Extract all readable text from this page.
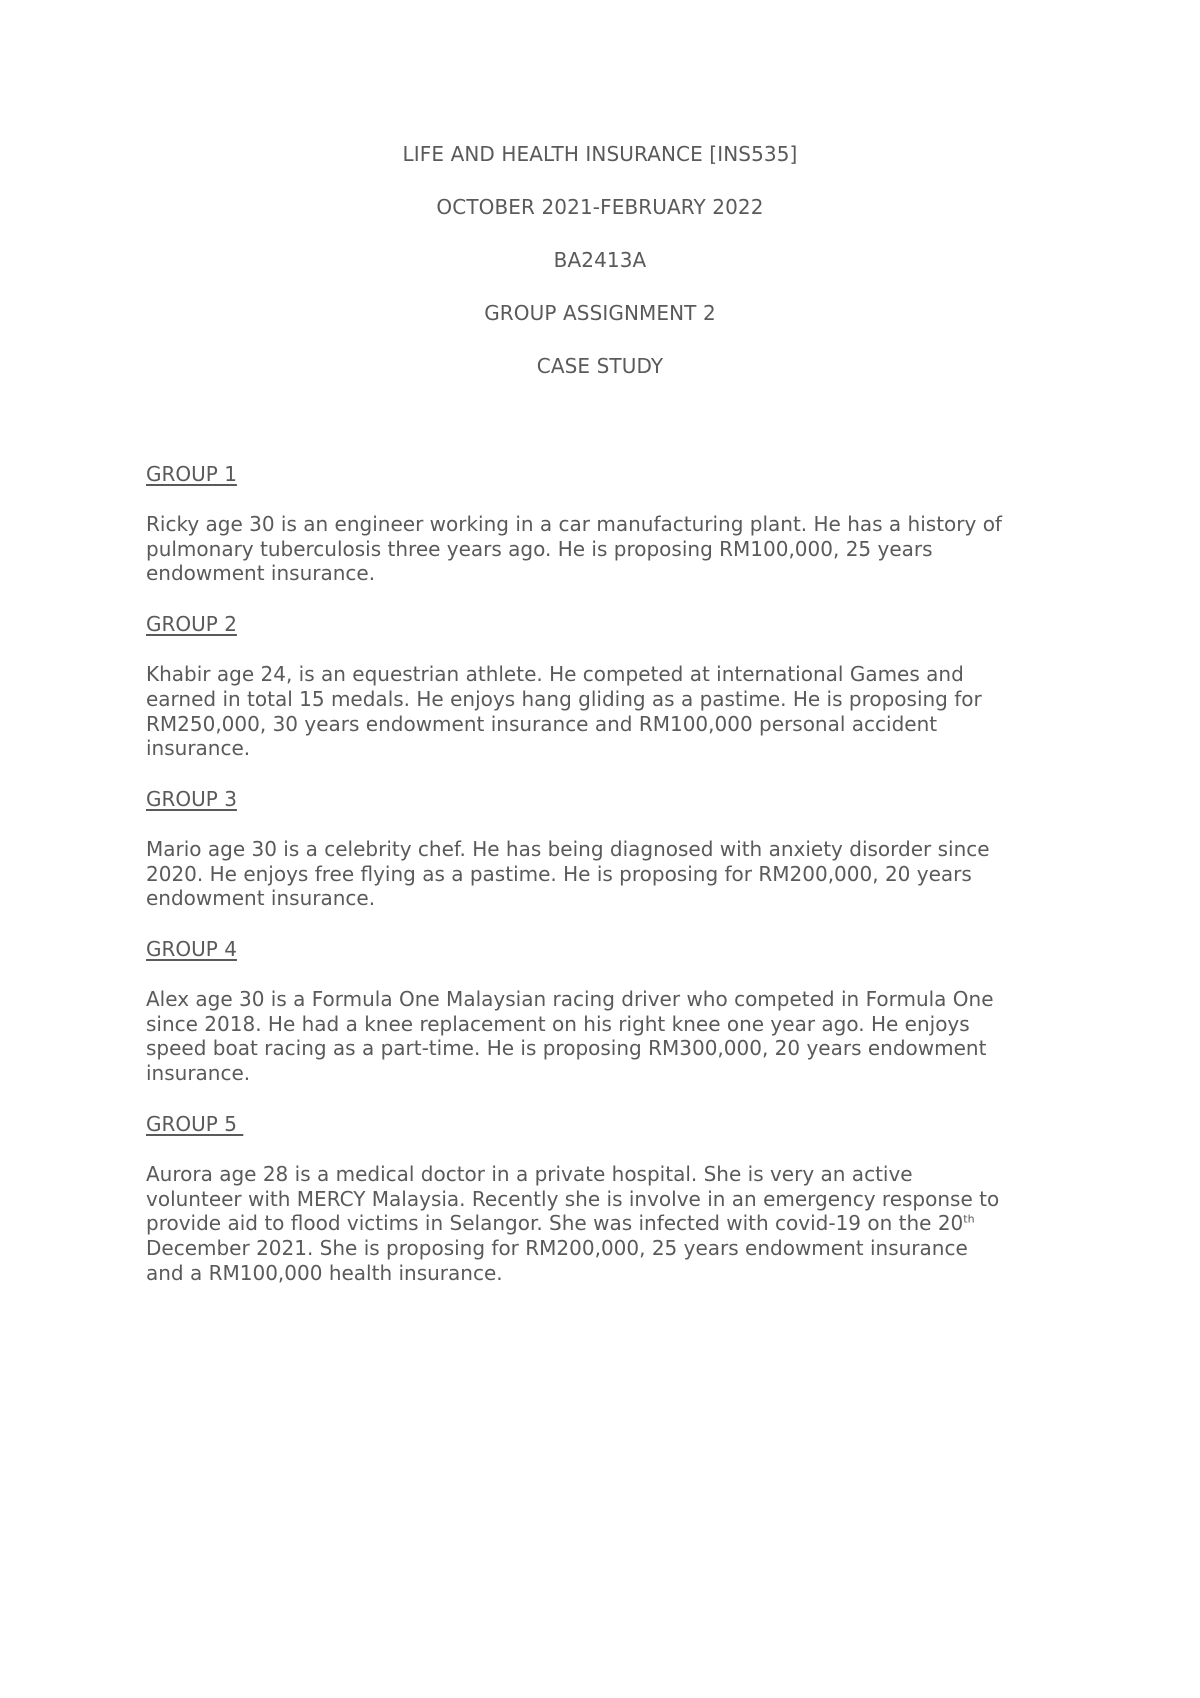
LIFE AND HEALTH INSURANCE [INS535]
OCTOBER 2021-FEBRUARY 2022
BA2413A
GROUP ASSIGNMENT 2
CASE STUDY
GROUP 1
Ricky age 30 is an engineer working in a car manufacturing plant. He has a history of
pulmonary tuberculosis three years ago. He is proposing RM100,000, 25 years
endowment insurance.
GROUP 2
Khabir age 24, is an equestrian athlete. He competed at international Games and
earned in total 15 medals. He enjoys hang gliding as a pastime. He is proposing for
RM250,000, 30 years endowment insurance and RM100,000 personal accident
insurance.
GROUP 3
Mario age 30 is a celebrity chef. He has being diagnosed with anxiety disorder since
2020. He enjoys free flying as a pastime. He is proposing for RM200,000, 20 years
endowment insurance.
GROUP 4
Alex age 30 is a Formula One Malaysian racing driver who competed in Formula One
since 2018. He had a knee replacement on his right knee one year ago. He enjoys
speed boat racing as a part-time. He is proposing RM300,000, 20 years endowment
insurance.
GROUP 5
Aurora age 28 is a medical doctor in a private hospital. She is very an active
volunteer with MERCY Malaysia. Recently she is involve in an emergency response to
provide aid to flood victims in Selangor. She was infected with covid-19 on the 20th
December 2021. She is proposing for RM200,000, 25 years endowment insurance
and a RM100,000 health insurance.
